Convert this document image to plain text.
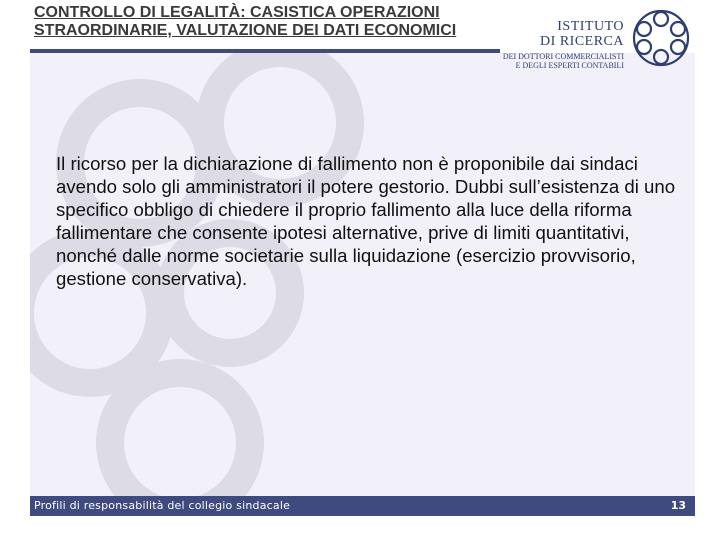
CONTROLLO DI LEGALITÀ: CASISTICA OPERAZIONI
STRAORDINARIE, VALUTAZIONE DEI DATI ECONOMICI
Il ricorso per la dichiarazione di fallimento non è proponibile dai sindaci avendo solo gli amministratori il potere gestorio. Dubbi sull’esistenza di uno specifico obbligo di chiedere il proprio fallimento alla luce della riforma fallimentare che consente ipotesi alternative, prive di limiti quantitativi, nonché dalle norme societarie sulla liquidazione (esercizio provvisorio, gestione conservativa).
ISTITUTO
DI RICERCA
DEI DOTTORI COMMERCIALISTI
E DEGLI ESPERTI CONTABILI
Profili di responsabilità del collegio sindacale	13
